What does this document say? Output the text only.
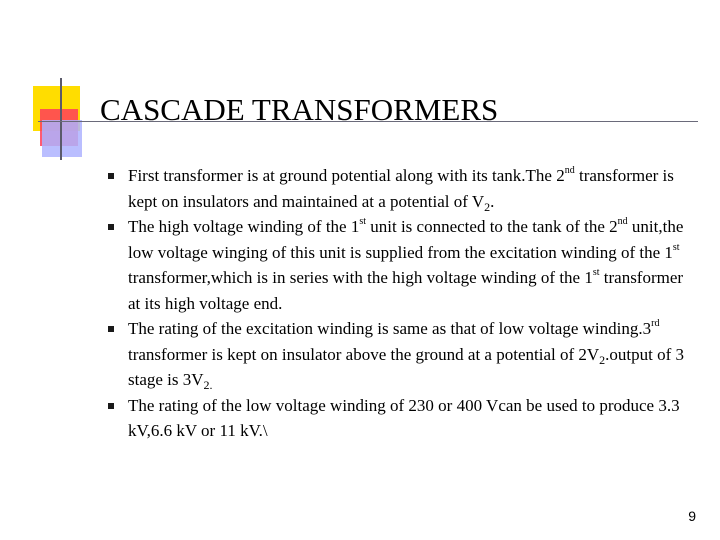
CASCADE TRANSFORMERS
First transformer is at ground potential along with its tank.The 2nd transformer is kept on insulators and maintained at a potential of $V_2$.
The high voltage winding of the 1st unit is connected to the tank of the 2nd unit,the low voltage winging of this unit is supplied from the excitation winding of the 1st transformer,which is in series with the high voltage winding of the 1st transformer at its high voltage end.
The rating of the excitation winding is same as that of low voltage winding.3rd transformer is kept on insulator above the ground at a potential of $2V_2.output$ of 3 stage is $3V_{2.}$
The rating of the low voltage winding of 230 or 400 Vcan be used to produce 3.3 kV,6.6 kV or 11 kV.\
9
